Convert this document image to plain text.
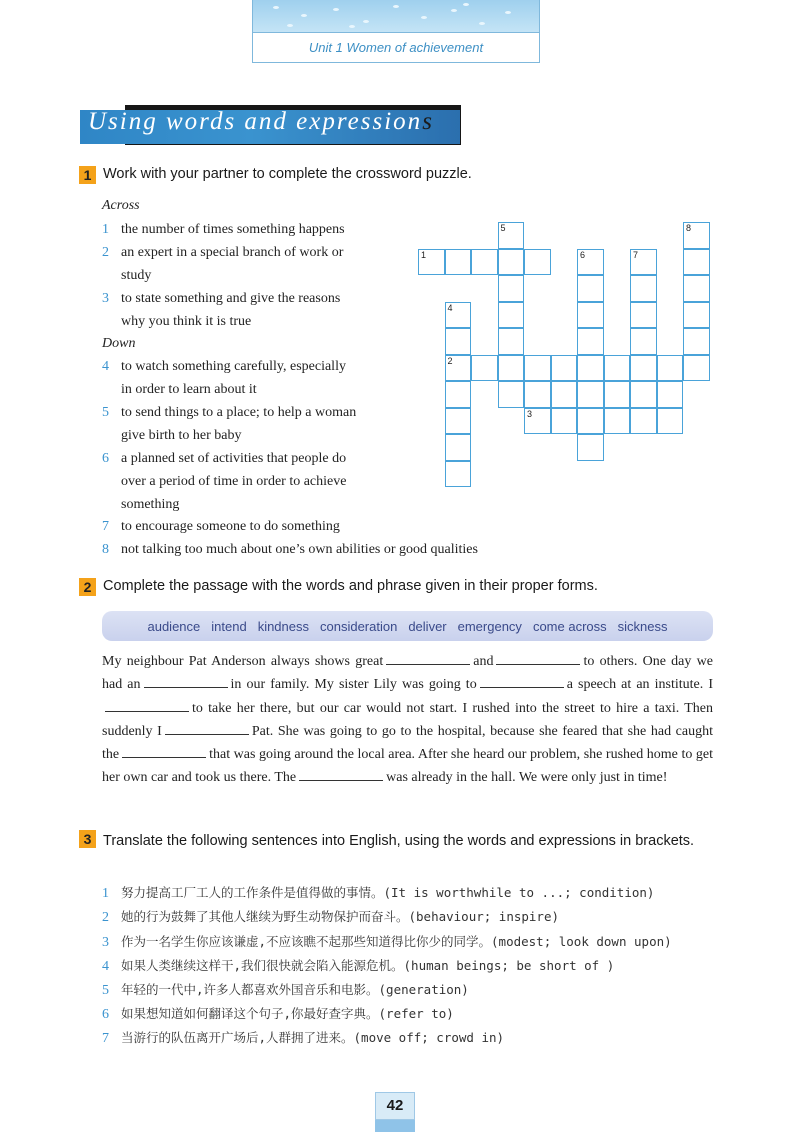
Unit 1 Women of achievement
Using words and expressions
1 Work with your partner to complete the crossword puzzle.
Across
1 the number of times something happens
2 an expert in a special branch of work or
study
3 to state something and give the reasons
why you think it is true
Down
4 to watch something carefully, especially
in order to learn about it
5 to send things to a place; to help a woman
give birth to her baby
6 a planned set of activities that people do
over a period of time in order to achieve
something
7 to encourage someone to do something
8 not talking too much about one’s own abilities or good qualities
1
2
3
4
5
6	7
8
2 Complete the passage with the words and phrase given in their proper forms.
audience intend kindness consideration deliver emergency come across sickness
My neighbour Pat Anderson always shows great	and	to others. One day we had an	in our family. My sister Lily was going to	a speech at an institute. Ito take her there, but our car would not start. I rushed into the street to hire a taxi. Then suddenly I	Pat. She was going to go to the hospital, because she feared that she had caught the	that was going around the local area. After she heard our problem, she rushed home to get her own car and took us there. The	was already in the hall. We were only just in time!
3 Translate the following sentences into English, using the words and expressions in brackets.
1 努力提高工厂工人的工作条件是值得做的事情。(It is worthwhile to ...; condition)
2 她的行为鼓舞了其他人继续为野生动物保护而奋斗。(behaviour; inspire)
3 作为一名学生你应该谦虚,不应该瞧不起那些知道得比你少的同学。(modest; look down upon)
4 如果人类继续这样干,我们很快就会陷入能源危机。(human beings; be short of )
5 年轻的一代中,许多人都喜欢外国音乐和电影。(generation)
6 如果想知道如何翻译这个句子,你最好查字典。(refer to)
7 当游行的队伍离开广场后,人群拥了进来。(move off; crowd in)
42
